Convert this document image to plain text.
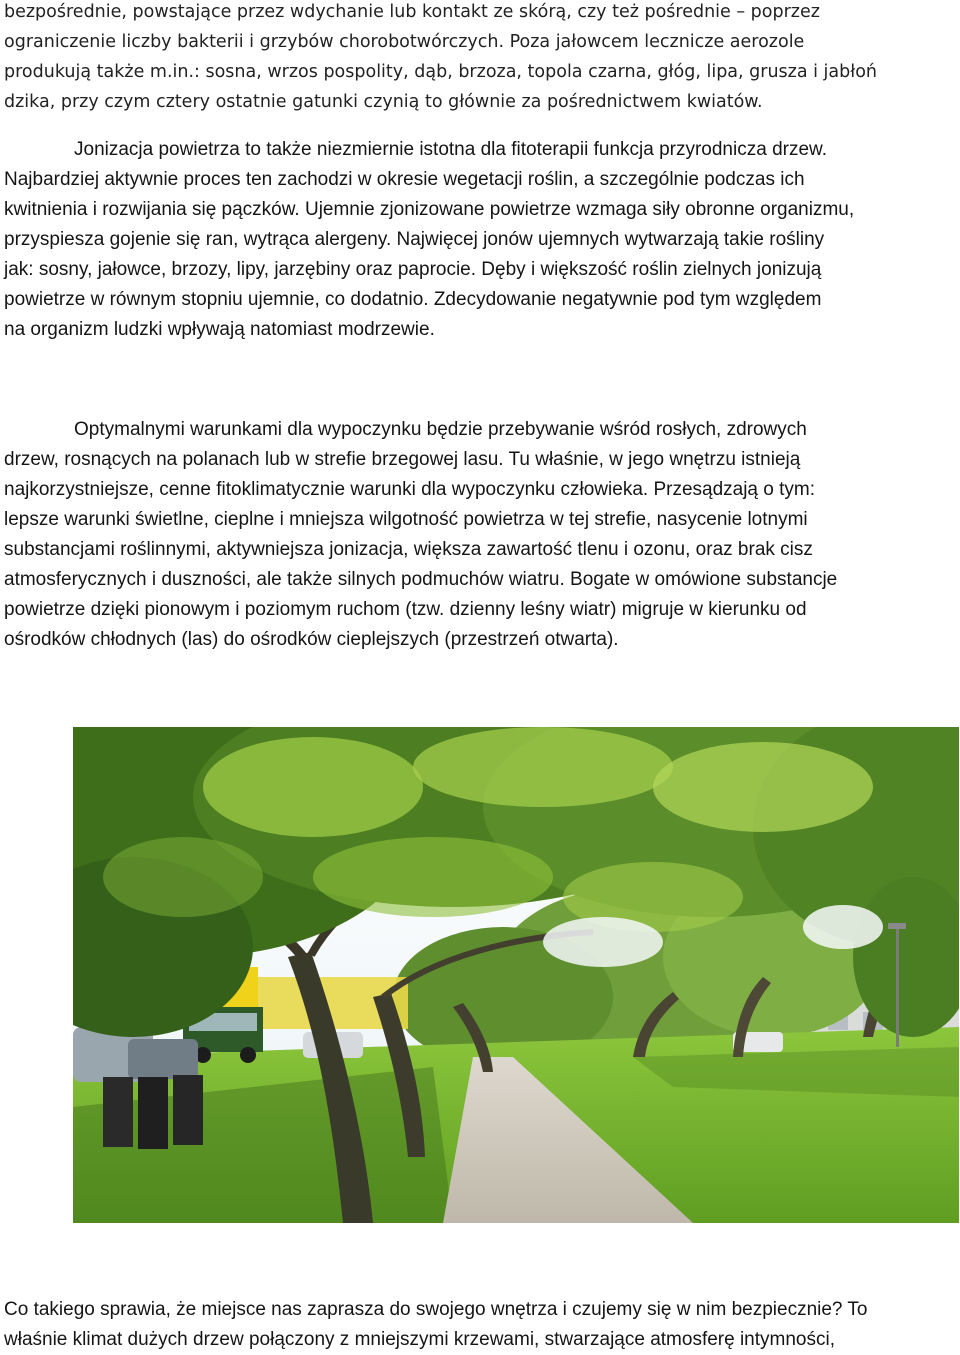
bezpośrednie, powstające przez wdychanie lub kontakt ze skórą, czy też pośrednie – poprzez
ograniczenie liczby bakterii i grzybów chorobotwórczych. Poza jałowcem lecznicze aerozole
produkują także m.in.: sosna, wrzos pospolity, dąb, brzoza, topola czarna, głóg, lipa, grusza i jabłoń
dzika, przy czym cztery ostatnie gatunki czynią to głównie za pośrednictwem kwiatów.
Jonizacja powietrza to także niezmiernie istotna dla fitoterapii funkcja przyrodnicza drzew.
Najbardziej aktywnie proces ten zachodzi w okresie wegetacji roślin, a szczególnie podczas ich
kwitnienia i rozwijania się pączków. Ujemnie zjonizowane powietrze wzmaga siły obronne organizmu,
przyspiesza gojenie się ran, wytrąca alergeny. Najwięcej jonów ujemnych wytwarzają takie rośliny
jak: sosny, jałowce, brzozy, lipy, jarzębiny oraz paprocie. Dęby i większość roślin zielnych jonizują
powietrze w równym stopniu ujemnie, co dodatnio. Zdecydowanie negatywnie pod tym względem
na organizm ludzki wpływają natomiast modrzewie.
Optymalnymi warunkami dla wypoczynku będzie przebywanie wśród rosłych, zdrowych
drzew, rosnących na polanach lub w strefie brzegowej lasu. Tu właśnie, w jego wnętrzu istnieją
najkorzystniejsze, cenne fitoklimatycznie warunki dla wypoczynku człowieka. Przesądzają o tym:
lepsze warunki świetlne, cieplne i mniejsza wilgotność powietrza w tej strefie, nasycenie lotnymi
substancjami roślinnymi, aktywniejsza jonizacja, większa zawartość tlenu i ozonu, oraz brak cisz
atmosferycznych i duszności, ale także silnych podmuchów wiatru. Bogate w omówione substancje
powietrze dzięki pionowym i poziomym ruchom (tzw. dzienny leśny wiatr) migruje w kierunku od
ośrodków chłodnych (las) do ośrodków cieplejszych (przestrzeń otwarta).
Co takiego sprawia, że miejsce nas zaprasza do swojego wnętrza i czujemy się w nim bezpiecznie? To
właśnie klimat dużych drzew połączony z mniejszymi krzewami, stwarzające atmosferę intymności,
